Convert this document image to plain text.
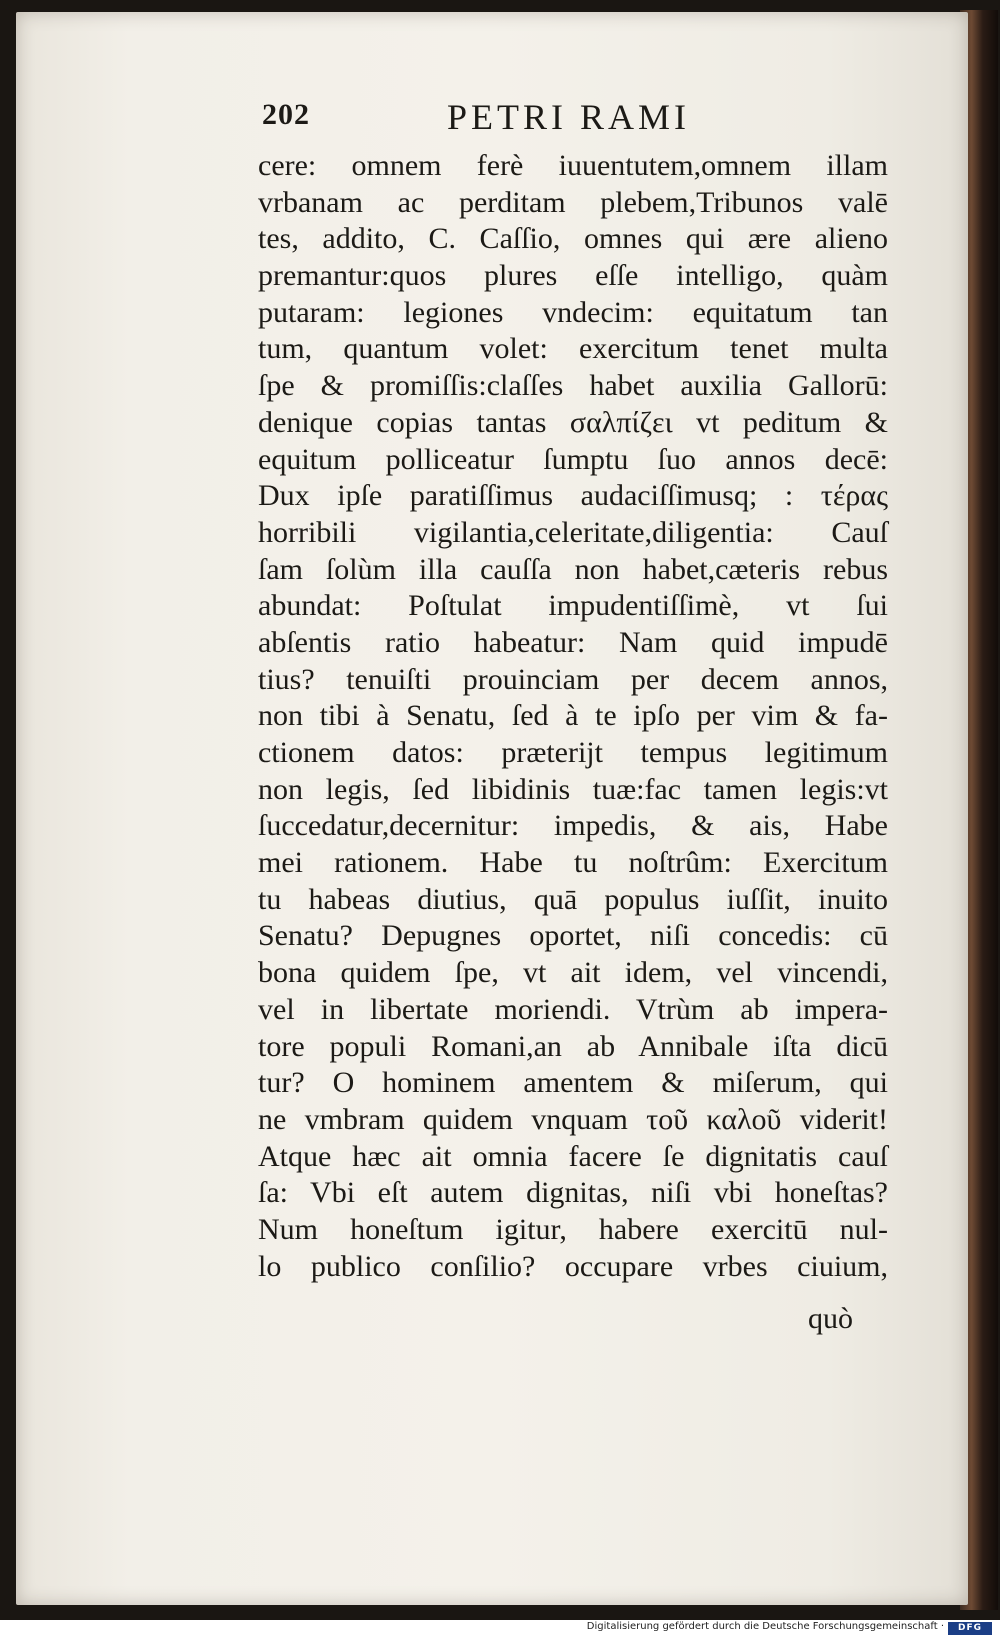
202	PETRI RAMI
cere: omnem ferè iuuentutem,omnem illam
vrbanam ac perditam plebem,Tribunos valē
tes, addito, C. Caſſio, omnes qui ære alieno
premantur:quos plures eſſe intelligo, quàm
putaram: legiones vndecim: equitatum tan
tum, quantum volet: exercitum tenet multa
ſpe & promiſſis:claſſes habet auxilia Gallorū:
denique copias tantas σαλπίζει vt peditum &
equitum polliceatur ſumptu ſuo annos decē:
Dux ipſe paratiſſimus audaciſſimusq; : τέρας
horribili vigilantia,celeritate,diligentia: Cauſ
ſam ſolùm illa cauſſa non habet,cæteris rebus
abundat: Poſtulat impudentiſſimè, vt ſui
abſentis ratio habeatur: Nam quid impudē
tius? tenuiſti prouinciam per decem annos,
non tibi à Senatu, ſed à te ipſo per vim & fa-
ctionem datos: præterijt tempus legitimum
non legis, ſed libidinis tuæ:fac tamen legis:vt
ſuccedatur,decernitur: impedis, & ais, Habe
mei rationem. Habe tu noſtrûm: Exercitum
tu habeas diutius, quā populus iuſſit, inuito
Senatu? Depugnes oportet, niſi concedis: cū
bona quidem ſpe, vt ait idem, vel vincendi,
vel in libertate moriendi. Vtrùm ab impera-
tore populi Romani,an ab Annibale iſta dicū
tur? O hominem amentem & miſerum, qui
ne vmbram quidem vnquam τοῦ καλοῦ viderit!
Atque hæc ait omnia facere ſe dignitatis cauſ
ſa: Vbi eſt autem dignitas, niſi vbi honeſtas?
Num honeſtum igitur, habere exercitū nul-
lo publico conſilio? occupare vrbes ciuium,
quò
Digitalisierung gefördert durch die Deutsche Forschungsgemeinschaft ·	DFG
